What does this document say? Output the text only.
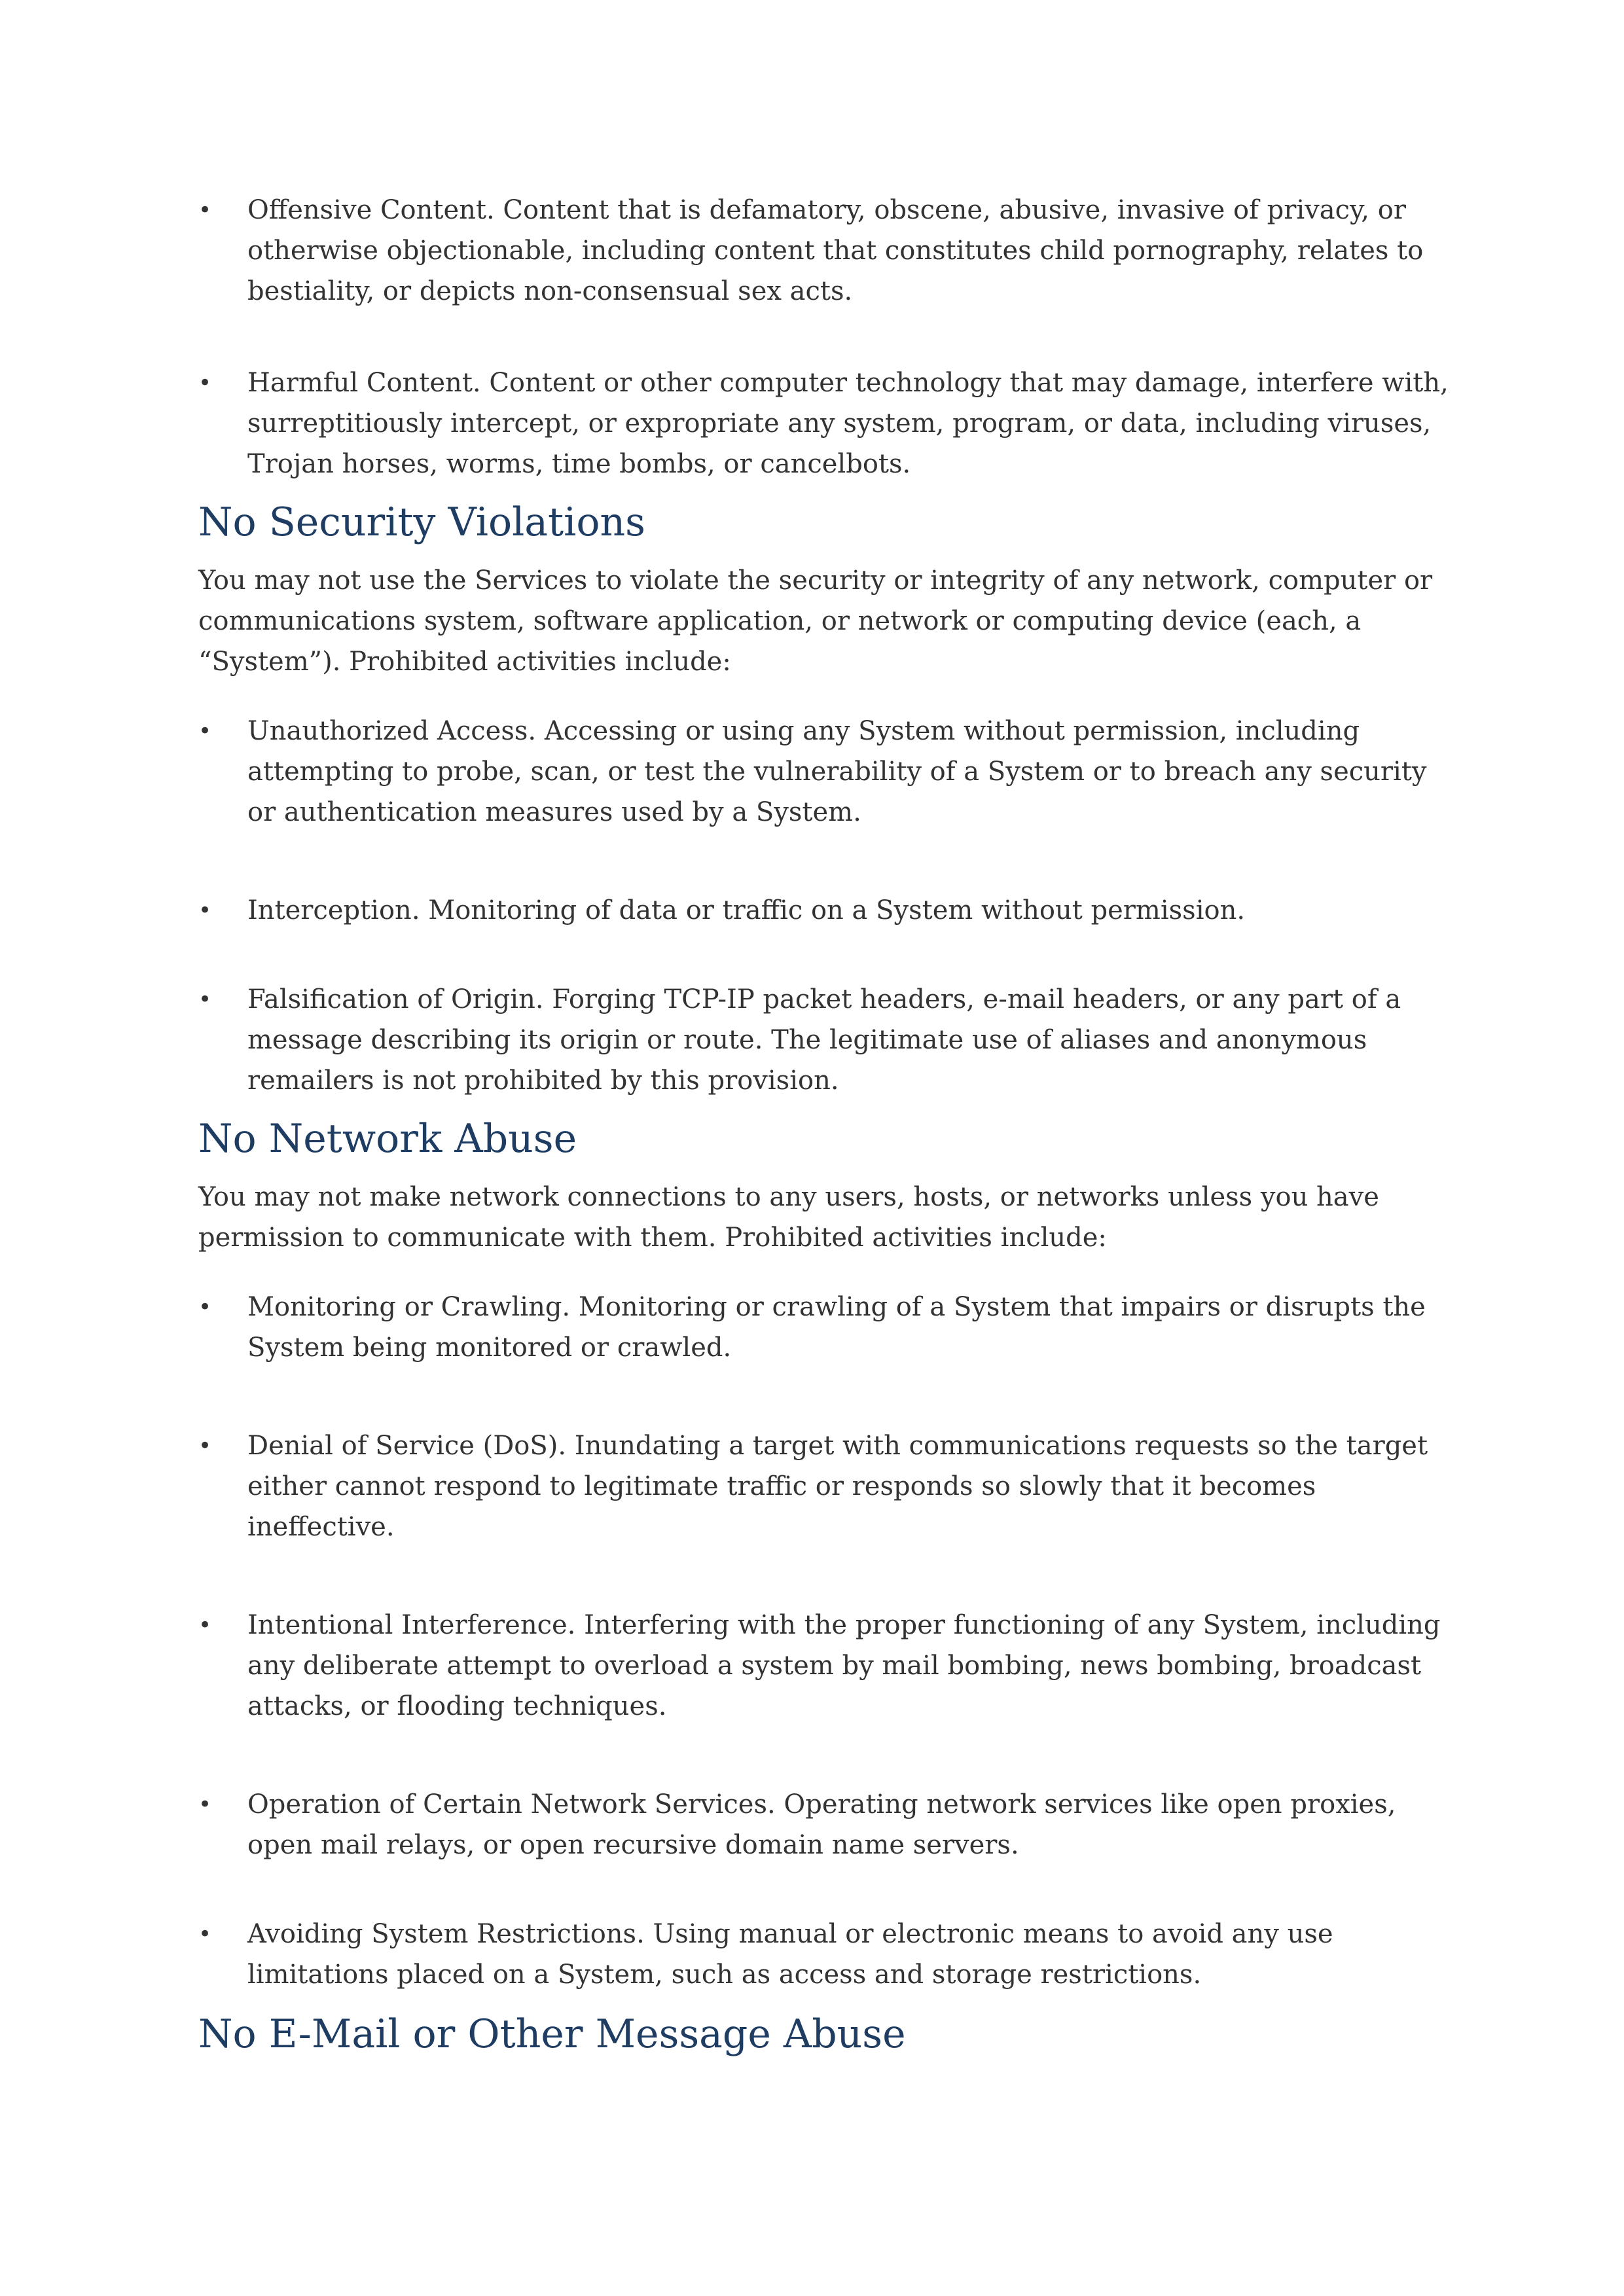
•	Offensive Content. Content that is defamatory, obscene, abusive, invasive of privacy, or otherwise objectionable, including content that constitutes child pornography, relates to bestiality, or depicts non-consensual sex acts.
•	Harmful Content. Content or other computer technology that may damage, interfere with, surreptitiously intercept, or expropriate any system, program, or data, including viruses, Trojan horses, worms, time bombs, or cancelbots.
No Security Violations

You may not use the Services to violate the security or integrity of any network, computer or communications system, software application, or network or computing device (each, a “System”). Prohibited activities include:

•	Unauthorized Access. Accessing or using any System without permission, including attempting to probe, scan, or test the vulnerability of a System or to breach any security or authentication measures used by a System.
•	Interception. Monitoring of data or traffic on a System without permission.
•	Falsification of Origin. Forging TCP-IP packet headers, e-mail headers, or any part of a message describing its origin or route. The legitimate use of aliases and anonymous remailers is not prohibited by this provision.
No Network Abuse

You may not make network connections to any users, hosts, or networks unless you have permission to communicate with them. Prohibited activities include:

•	Monitoring or Crawling. Monitoring or crawling of a System that impairs or disrupts the System being monitored or crawled.
•	Denial of Service (DoS). Inundating a target with communications requests so the target either cannot respond to legitimate traffic or responds so slowly that it becomes ineffective.
•	Intentional Interference. Interfering with the proper functioning of any System, including any deliberate attempt to overload a system by mail bombing, news bombing, broadcast attacks, or flooding techniques.
•	Operation of Certain Network Services. Operating network services like open proxies, open mail relays, or open recursive domain name servers.
•	Avoiding System Restrictions. Using manual or electronic means to avoid any use limitations placed on a System, such as access and storage restrictions.
No E-Mail or Other Message Abuse
